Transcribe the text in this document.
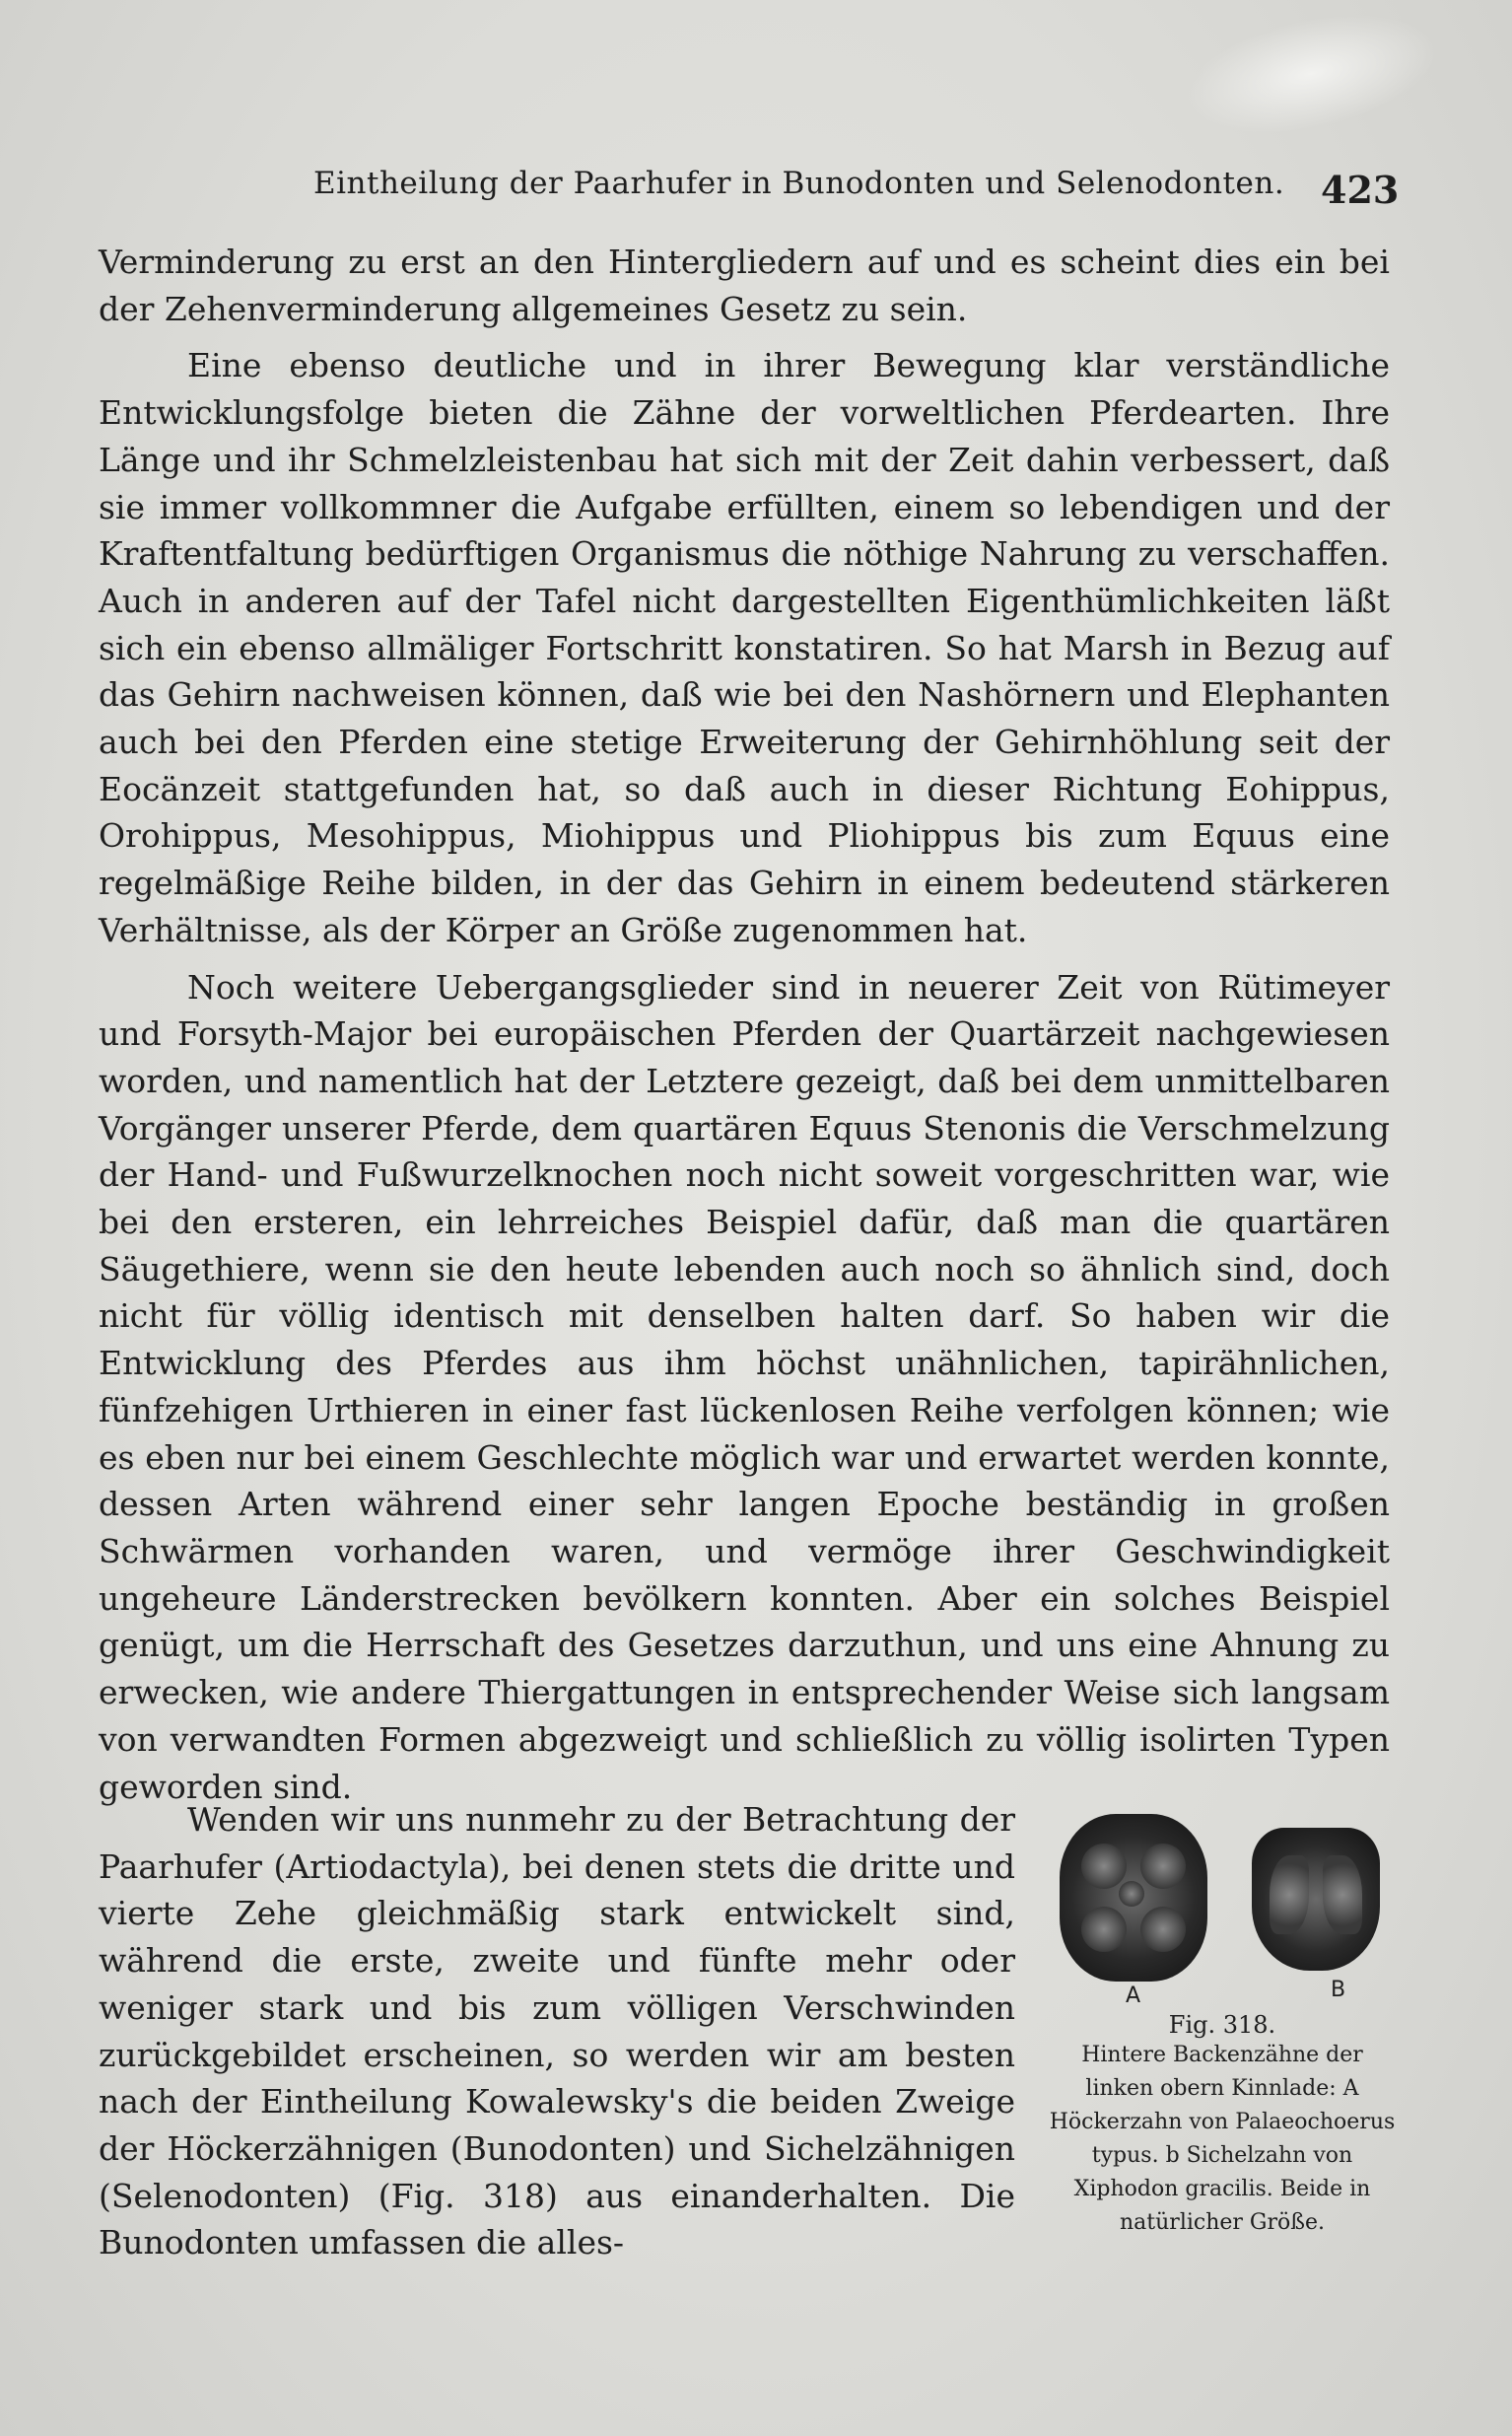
Eintheilung der Paarhufer in Bunodonten und Selenodonten. 423

Verminderung zu erst an den Hintergliedern auf und es scheint dies ein bei der Zehenverminderung allgemeines Gesetz zu sein.

Eine ebenso deutliche und in ihrer Bewegung klar verständliche Entwicklungsfolge bieten die Zähne der vorweltlichen Pferdearten. Ihre Länge und ihr Schmelzleistenbau hat sich mit der Zeit dahin verbessert, daß sie immer vollkommner die Aufgabe erfüllten, einem so lebendigen und der Kraftentfaltung bedürftigen Organismus die nöthige Nahrung zu verschaffen. Auch in anderen auf der Tafel nicht dargestellten Eigenthümlichkeiten läßt sich ein ebenso allmäliger Fortschritt konstatiren. So hat Marsh in Bezug auf das Gehirn nachweisen können, daß wie bei den Nashörnern und Elephanten auch bei den Pferden eine stetige Erweiterung der Gehirnhöhlung seit der Eocänzeit stattgefunden hat, so daß auch in dieser Richtung Eohippus, Orohippus, Mesohippus, Miohippus und Pliohippus bis zum Equus eine regelmäßige Reihe bilden, in der das Gehirn in einem bedeutend stärkeren Verhältnisse, als der Körper an Größe zugenommen hat.

Noch weitere Uebergangsglieder sind in neuerer Zeit von Rütimeyer und Forsyth-Major bei europäischen Pferden der Quartärzeit nachgewiesen worden, und namentlich hat der Letztere gezeigt, daß bei dem unmittelbaren Vorgänger unserer Pferde, dem quartären Equus Stenonis die Verschmelzung der Hand- und Fußwurzelknochen noch nicht soweit vorgeschritten war, wie bei den ersteren, ein lehrreiches Beispiel dafür, daß man die quartären Säugethiere, wenn sie den heute lebenden auch noch so ähnlich sind, doch nicht für völlig identisch mit denselben halten darf. So haben wir die Entwicklung des Pferdes aus ihm höchst unähnlichen, tapirähnlichen, fünfzehigen Urthieren in einer fast lückenlosen Reihe verfolgen können; wie es eben nur bei einem Geschlechte möglich war und erwartet werden konnte, dessen Arten während einer sehr langen Epoche beständig in großen Schwärmen vorhanden waren, und vermöge ihrer Geschwindigkeit ungeheure Länderstrecken bevölkern konnten. Aber ein solches Beispiel genügt, um die Herrschaft des Gesetzes darzuthun, und uns eine Ahnung zu erwecken, wie andere Thiergattungen in entsprechender Weise sich langsam von verwandten Formen abgezweigt und schließlich zu völlig isolirten Typen geworden sind.

Wenden wir uns nunmehr zu der Betrachtung der Paarhufer (Artiodactyla), bei denen stets die dritte und vierte Zehe gleichmäßig stark entwickelt sind, während die erste, zweite und fünfte mehr oder weniger stark und bis zum völligen Verschwinden zurückgebildet erscheinen, so werden wir am besten nach der Eintheilung Kowalewsky's die beiden Zweige der Höckerzähnigen (Bunodonten) und Sichelzähnigen (Selenodonten) (Fig. 318) aus einanderhalten. Die Bunodonten umfassen die alles-

A	B
Fig. 318.
Hintere Backenzähne der linken obern Kinnlade: A Höckerzahn von Palaeochoerus typus. b Sichelzahn von Xiphodon gracilis. Beide in natürlicher Größe.
